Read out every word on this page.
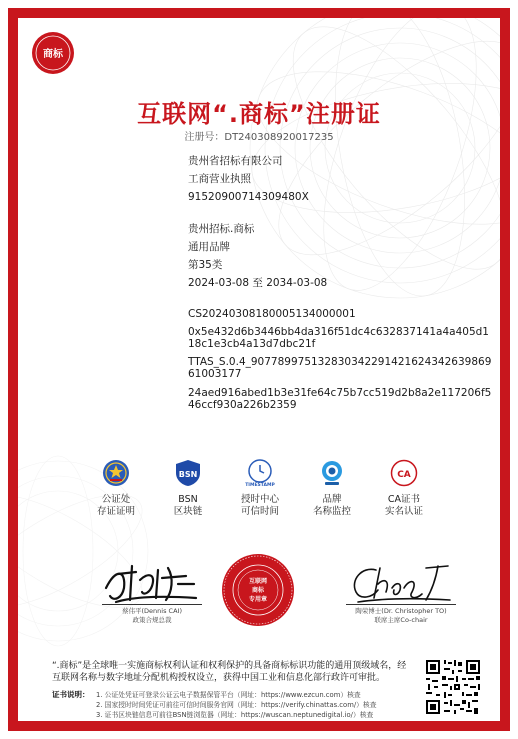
商标
互联网“.商标”注册证
注册号：DT240308920017235
贵州省招标有限公司
工商营业执照
91520900714309480X
贵州招标.商标
通用品牌
第35类
2024-03-08 至 2034-03-08
CS20240308180005134000001
0x5e432d6b3446bb4da316f51dc4c632837141a4a405d118c1e3cb4a13d7dbc21f
TTAS_S.0.4_907789975132830342291421624342639869​61003177
24aed916abed1b3e31fe64c75b7cc519d2b8a2e117206f546ccf930a226b2359
公证处
存证证明
BSN
BSN
区块链
TIMESTAMP
授时中心
可信时间
品牌
名称监控
CA
CA证书
实名认证
蔡伟平(Dennis CAI)
政策合规总裁
互联网
商标
专用章
陶荣博士(Dr. Christopher TO)
联席主席Co-chair
“.商标”是全球唯一实施商标权利认证和权利保护的具备商标标识功能的通用顶级域名，经互联网名称与数字地址分配机构授权设立，获得中国工业和信息化部行政许可审批。
证书说明： 1. 公证处凭证可登录公证云电子数据保管平台（网址：https://www.ezcun.com）核查
2. 国家授时时间凭证可前往可信时间服务官网（网址：https://verify.chinattas.com/）核查
3. 证书区块链信息可前往BSN链浏览器（网址：https://wuscan.neptunedigital.io/）核查
